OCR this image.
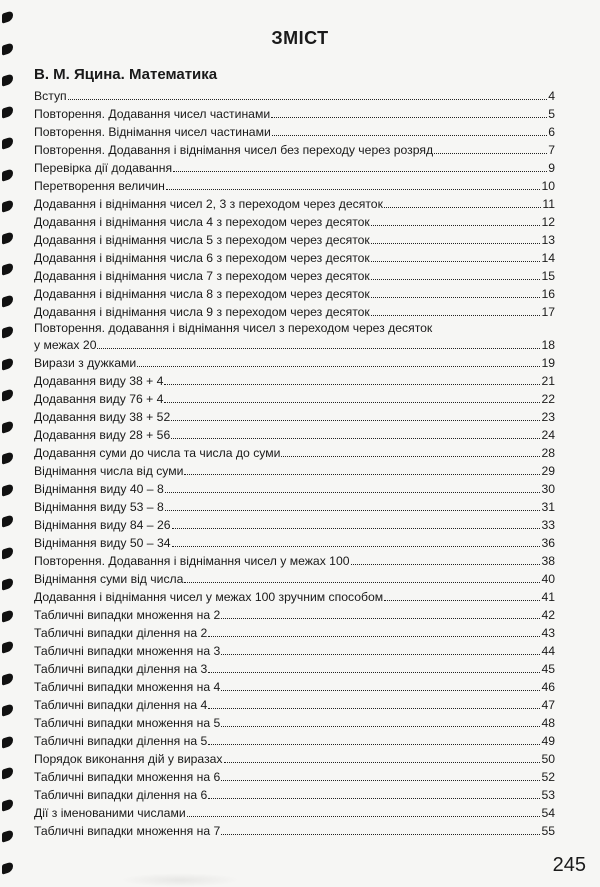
ЗМІСТ
В. М. Яцина. Математика
Вступ	4
Повторення. Додавання чисел частинами	5
Повторення. Віднімання чисел частинами	6
Повторення. Додавання і віднімання чисел без переходу через розряд	7
Перевірка дії додавання	9
Перетворення величин	10
Додавання і віднімання чисел 2, 3 з переходом через десяток	11
Додавання і віднімання числа 4 з переходом через десяток	12
Додавання і віднімання числа 5 з переходом через десяток	13
Додавання і віднімання числа 6 з переходом через десяток	14
Додавання і віднімання числа 7 з переходом через десяток	15
Додавання і віднімання числа 8 з переходом через десяток	16
Додавання і віднімання числа 9 з переходом через десяток	17
Повторення. додавання і віднімання чисел з переходом через десяток
у межах 20	18
Вирази з дужками	19
Додавання виду 38 + 4	21
Додавання виду 76 + 4	22
Додавання виду 38 + 52	23
Додавання виду 28 + 56	24
Додавання суми до числа та числа до суми	28
Віднімання числа від суми	29
Віднімання виду 40 – 8	30
Віднімання виду 53 – 8	31
Віднімання виду 84 – 26	33
Віднімання виду 50 – 34	36
Повторення. Додавання і віднімання чисел у межах 100	38
Віднімання суми від числа	40
Додавання і віднімання чисел у межах 100 зручним способом	41
Табличні випадки множення на 2	42
Табличні випадки ділення на 2	43
Табличні випадки множення на 3	44
Табличні випадки ділення на 3	45
Табличні випадки множення на 4	46
Табличні випадки ділення на 4	47
Табличні випадки множення на 5	48
Табличні випадки ділення на 5	49
Порядок виконання дій у виразах	50
Табличні випадки множення на 6	52
Табличні випадки ділення на 6	53
Дії з іменованими числами	54
Табличні випадки множення на 7	55
245
